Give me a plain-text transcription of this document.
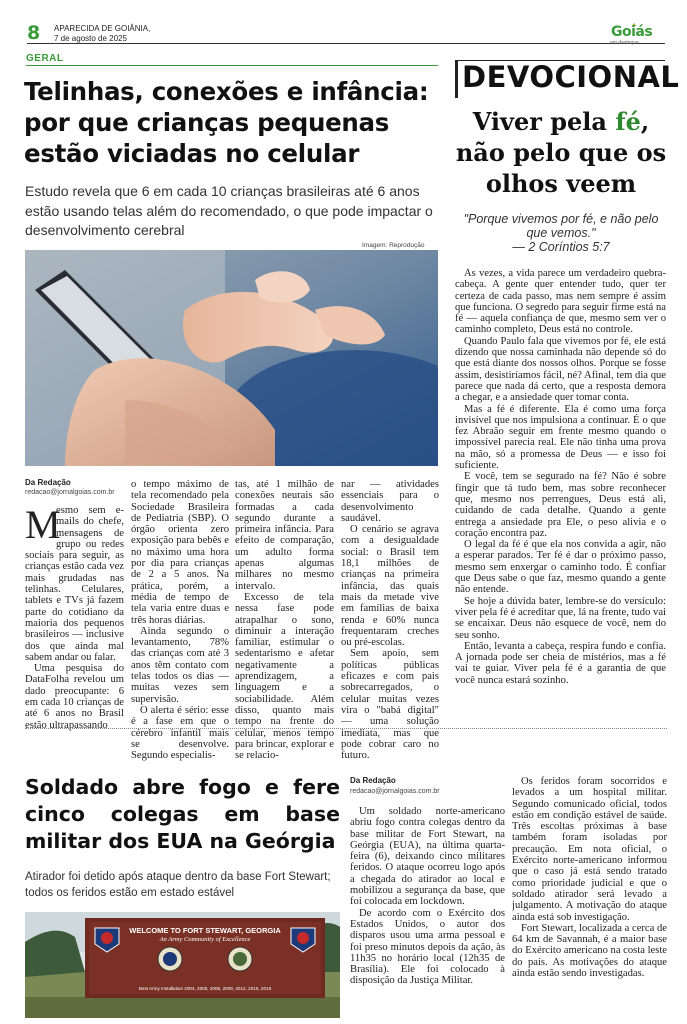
8 APARECIDA DE GOIÂNIA,
7 de agosto de 2025	Goiás
em destaque
GERAL
Telinhas, conexões e infância: por que crianças pequenas estão viciadas no celular
Estudo revela que 6 em cada 10 crianças brasileiras até 6 anos estão usando telas além do recomendado, o que pode impactar o desenvolvimento cerebral
Imagem: Reprodução
Da Redação
redacao@jornalgoias.com.br
M

esmo sem e-mails do chefe, mensagens de grupo ou redes sociais para seguir, as crianças estão cada vez mais grudadas nas telinhas. Celulares, tablets e TVs já fazem parte do cotidiano da maioria dos pequenos brasileiros — inclusive dos que ainda mal sabem andar ou falar.

Uma pesquisa do DataFolha revelou um dado preocupante: 6 em cada 10 crianças de até 6 anos no Brasil estão ultrapassando

o tempo máximo de tela recomendado pela Sociedade Brasileira de Pediatria (SBP). O órgão orienta zero exposição para bebês e no máximo uma hora por dia para crianças de 2 a 5 anos. Na prática, porém, a média de tempo de tela varia entre duas e três horas diárias.

Ainda segundo o levantamento, 78% das crianças com até 3 anos têm contato com telas todos os dias — muitas vezes sem supervisão.

O alerta é sério: esse é a fase em que o cérebro infantil mais se desenvolve. Segundo especialis-

tas, até 1 milhão de conexões neurais são formadas a cada segundo durante a primeira infância. Para efeito de comparação, um adulto forma apenas algumas milhares no mesmo intervalo.

Excesso de tela nessa fase pode atrapalhar o sono, diminuir a interação familiar, estimular o sedentarismo e afetar negativamente a aprendizagem, a linguagem e a sociabilidade. Além disso, quanto mais tempo na frente do celular, menos tempo para brincar, explorar e se relacio-

nar — atividades essenciais para o desenvolvimento saudável.

O cenário se agrava com a desigualdade social: o Brasil tem 18,1 milhões de crianças na primeira infância, das quais mais da metade vive em famílias de baixa renda e 60% nunca frequentaram creches ou pré-escolas.

Sem apoio, sem políticas públicas eficazes e com pais sobrecarregados, o celular muitas vezes vira o "babá digital" — uma solução imediata, mas que pode cobrar caro no futuro.

DEVOCIONAL
Viver pela fé, não pelo que os olhos veem
"Porque vivemos por fé, e não pelo que vemos."
— 2 Coríntios 5:7

Às vezes, a vida parece um verdadeiro quebra-cabeça. A gente quer entender tudo, quer ter certeza de cada passo, mas nem sempre é assim que funciona. O segredo para seguir firme está na fé — aquela confiança de que, mesmo sem ver o caminho completo, Deus está no controle.

Quando Paulo fala que vivemos por fé, ele está dizendo que nossa caminhada não depende só do que está diante dos nossos olhos. Porque se fosse assim, desistiríamos fácil, né? Afinal, tem dia que parece que nada dá certo, que a resposta demora a chegar, e a ansiedade quer tomar conta.

Mas a fé é diferente. Ela é como uma força invisível que nos impulsiona a continuar. É o que fez Abraão seguir em frente mesmo quando o impossível parecia real. Ele não tinha uma prova na mão, só a promessa de Deus — e isso foi suficiente.

E você, tem se segurado na fé? Não é sobre fingir que tá tudo bem, mas sobre reconhecer que, mesmo nos perrengues, Deus está ali, cuidando de cada detalhe. Quando a gente entrega a ansiedade pra Ele, o peso alivia e o coração encontra paz.

O legal da fé é que ela nos convida a agir, não a esperar parados. Ter fé é dar o próximo passo, mesmo sem enxergar o caminho todo. É confiar que Deus sabe o que faz, mesmo quando a gente não entende.

Se hoje a dúvida bater, lembre-se do versículo: viver pela fé é acreditar que, lá na frente, tudo vai se encaixar. Deus não esquece de você, nem do seu sonho.

Então, levanta a cabeça, respira fundo e confia. A jornada pode ser cheia de mistérios, mas a fé vai te guiar. Viver pela fé é a garantia de que você nunca estará sozinho.

Soldado abre fogo e fere cinco colegas em base militar dos EUA na Geórgia
Atirador foi detido após ataque dentro da base Fort Stewart; todos os feridos estão em estado estável
WELCOME TO FORT STEWART, GEORGIA
An Army Community of Excellence
Best Army Installation 2004, 2005, 2006, 2009, 2012, 2015, 2019
Da Redação
redacao@jornalgoias.com.br

Um soldado norte-americano abriu fogo contra colegas dentro da base militar de Fort Stewart, na Geórgia (EUA), na última quarta-feira (6), deixando cinco militares feridos. O ataque ocorreu logo após a chegada do atirador ao local e mobilizou a segurança da base, que foi colocada em lockdown.

De acordo com o Exército dos Estados Unidos, o autor dos disparos usou uma arma pessoal e foi preso minutos depois da ação, às 11h35 no horário local (12h35 de Brasília). Ele foi colocado à disposição da Justiça Militar.

Os feridos foram socorridos e levados a um hospital militar. Segundo comunicado oficial, todos estão em condição estável de saúde. Três escoltas próximas à base também foram isoladas por precaução. Em nota oficial, o Exército norte-americano informou que o caso já está sendo tratado como prioridade judicial e que o soldado atirador será levado a julgamento. A motivação do ataque ainda está sob investigação.

Fort Stewart, localizada a cerca de 64 km de Savannah, é a maior base do Exército americano na costa leste do país. As motivações do ataque ainda estão sendo investigadas.
